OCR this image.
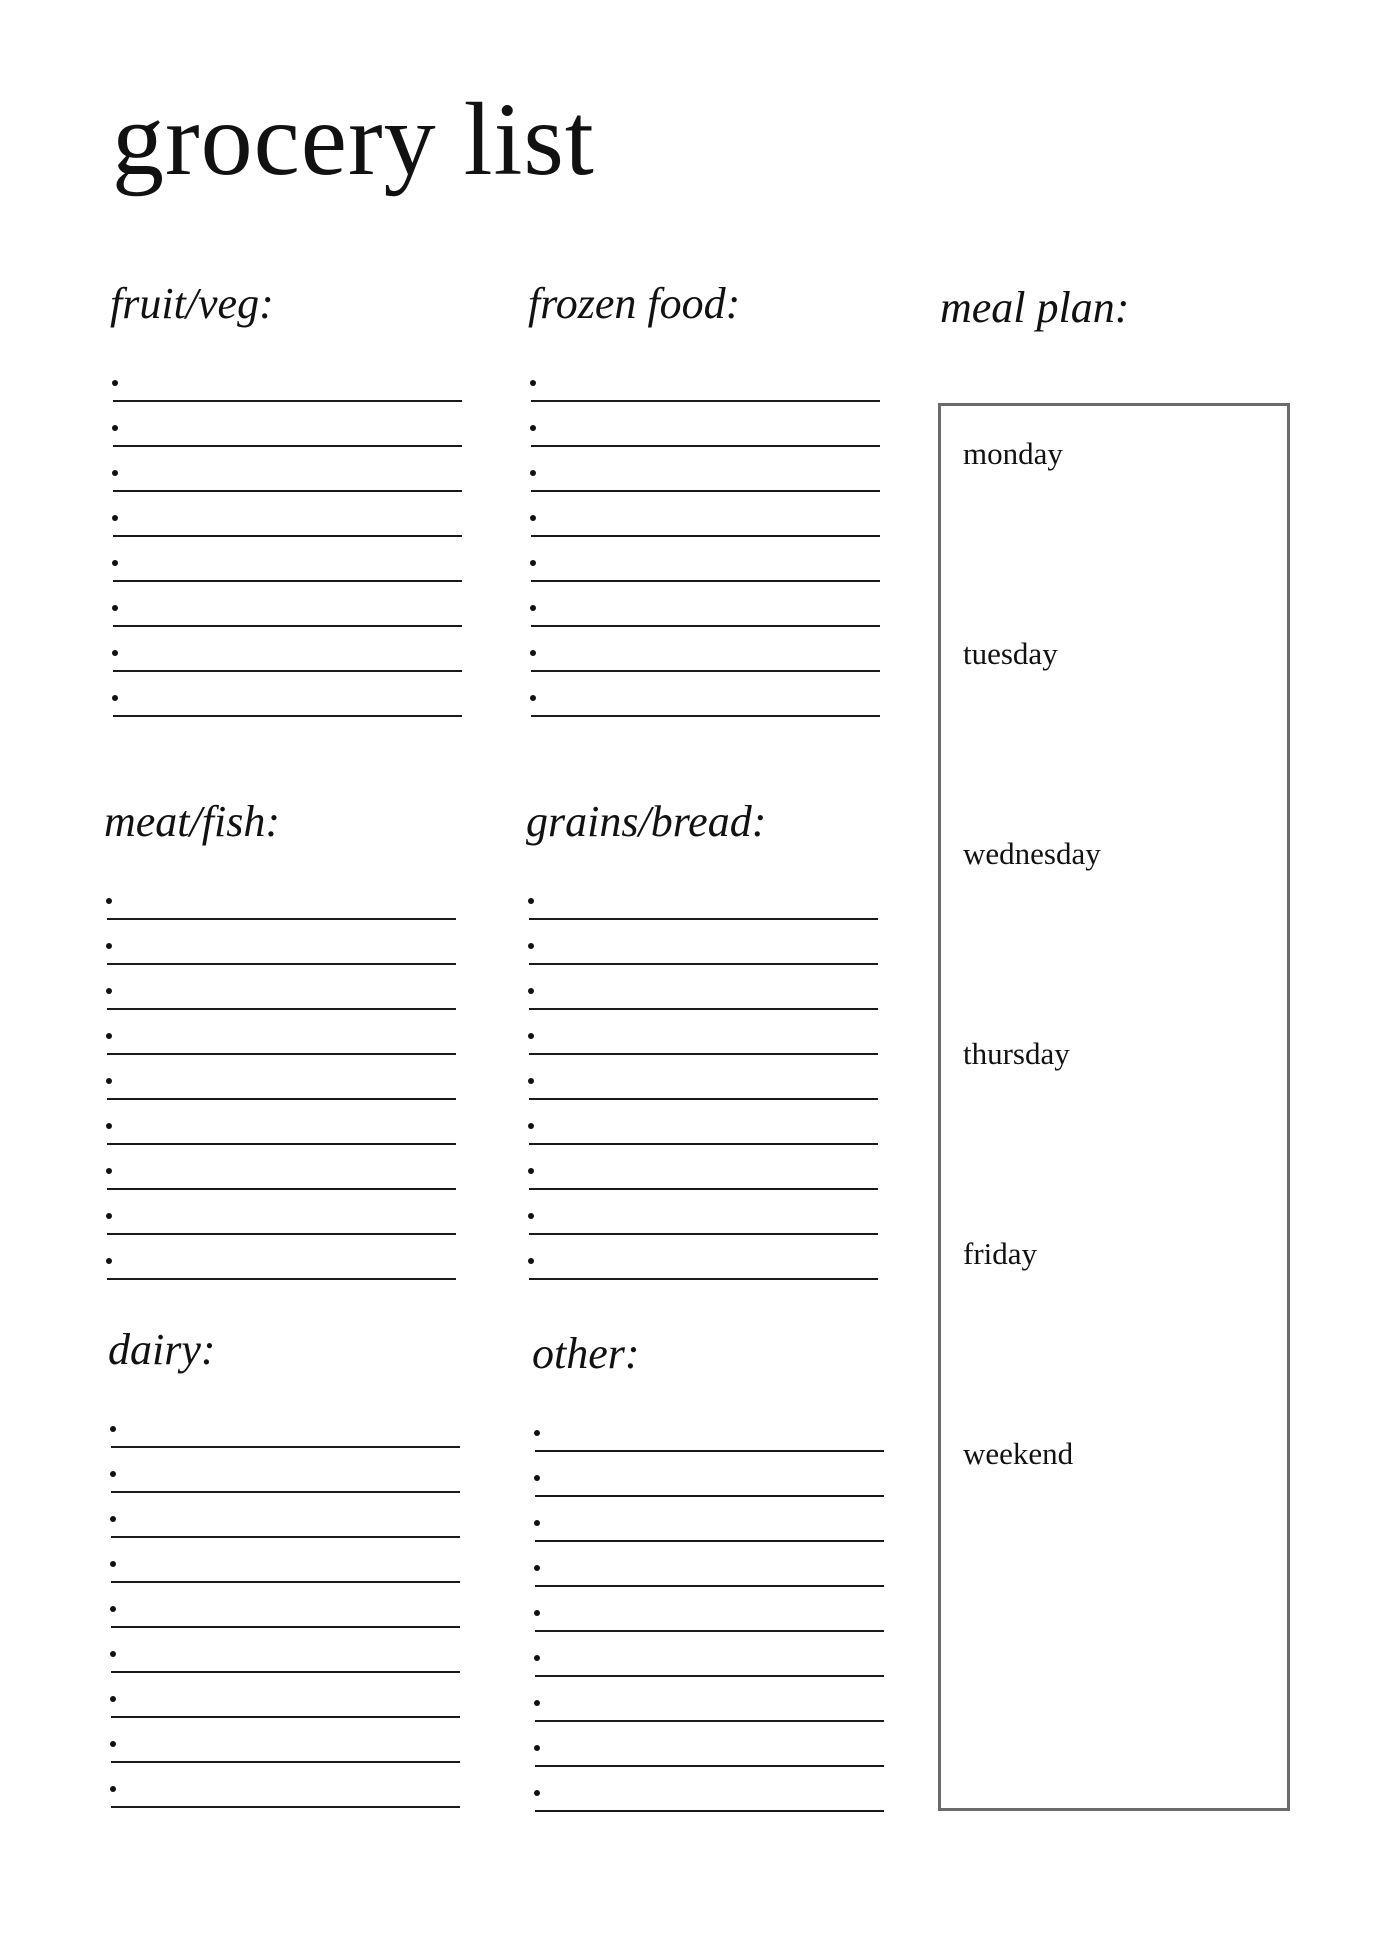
grocery list
fruit/veg:	frozen food:
meat/fish:	grains/bread:
dairy:	other:
meal plan:
monday
tuesday
wednesday
thursday
friday
weekend
